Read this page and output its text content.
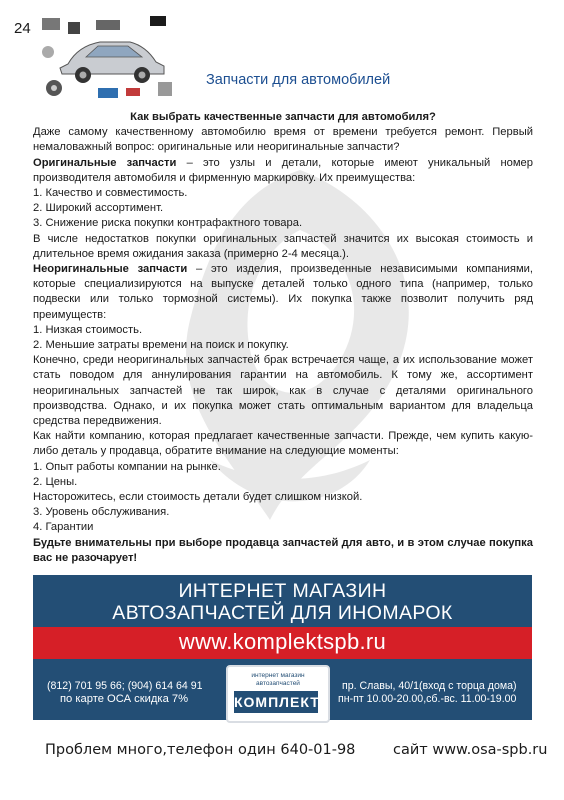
24
Запчасти для автомобилей

Как выбрать качественные запчасти для автомобиля?

Даже самому качественному автомобилю время от времени требуется ремонт. Первый немаловажный вопрос: оригинальные или неоригинальные запчасти?

Оригинальные запчасти – это узлы и детали, которые имеют уникальный номер производителя автомобиля и фирменную маркировку. Их преимущества:

1. Качество и совместимость.

2. Широкий ассортимент.

3. Снижение риска покупки контрафактного товара.

В числе недостатков покупки оригинальных запчастей значится их высокая стоимость и длительное время ожидания заказа (примерно 2-4 месяца.).

Неоригинальные запчасти – это изделия, произведенные независимыми компаниями, которые специализируются на выпуске деталей только одного типа (например, только подвески или только тормозной системы). Их покупка также позволит получить ряд преимуществ:

1. Низкая стоимость.

2. Меньшие затраты времени на поиск и покупку.

Конечно, среди неоригинальных запчастей брак встречается чаще, а их использование может стать поводом для аннулирования гарантии на автомобиль. К тому же, ассортимент неоригинальных запчастей не так широк, как в случае с деталями оригинального производства. Однако, и их покупка может стать оптимальным вариантом для владельца средства передвижения.

Как найти компанию, которая предлагает качественные запчасти. Прежде, чем купить какую-либо деталь у продавца, обратите внимание на следующие моменты:

1. Опыт работы компании на рынке.

2. Цены.

Насторожитесь, если стоимость детали будет слишком низкой.

3. Уровень обслуживания.

4. Гарантии

Будьте внимательны при выборе продавца запчастей для авто, и в этом случае покупка вас не разочарует!

ИНТЕРНЕТ МАГАЗИН
АВТОЗАПЧАСТЕЙ ДЛЯ ИНОМАРОК
www.komplektspb.ru
(812) 701 95 66; (904) 614 64 91
по карте ОСА скидка 7%
интернет магазин
автозапчастей
КОМПЛЕКТ
пр. Славы, 40/1(вход с торца дома)
пн-пт 10.00-20.00,сб.-вс. 11.00-19.00
Проблем много,телефон один 640-01-98	сайт www.osa-spb.ru
